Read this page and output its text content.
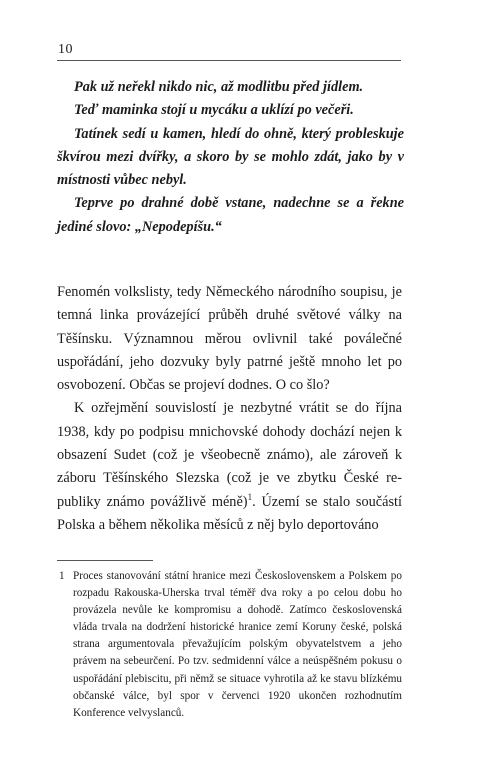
10

Pak už neřekl nikdo nic, až modlitbu před jídlem.

Teď maminka stojí u mycáku a uklízí po večeři.

Tatínek sedí u kamen, hledí do ohně, který probleskuje škvírou mezi dvířky, a skoro by se mohlo zdát, jako by v místnosti vůbec nebyl.

Teprve po drahné době vstane, nadechne se a řekne jediné slovo: „Nepodepíšu.“

Fenomén volkslisty, tedy Německého národního soupisu, je temná linka provázející průběh druhé světové války na Těšínsku. Významnou měrou ovlivnil také poválečné uspořádání, jeho dozvuky byly patrné ještě mnoho let po osvobození. Občas se projeví dodnes. O co šlo?

K ozřejmění souvislostí je nezbytné vrátit se do října 1938, kdy po podpisu mnichovské dohody dochází nejen k obsazení Sudet (což je všeobecně známo), ale zároveň k záboru Těšínského Slezska (což je ve zbytku České republiky známo povážlivě méně)$^1$. Území se stalo součástí Polska a během několika měsíců z něj bylo deportováno

1 Proces stanovování státní hranice mezi Československem a Polskem po rozpadu Rakouska-Uherska trval téměř dva roky a po celou dobu ho provázela nevůle ke kompromisu a dohodě. Zatímco československá vláda trvala na dodržení historické hranice zemí Koruny české, polská strana argumentovala převažujícím polským obyvatelstvem a jeho právem na sebeurčení. Po tzv. sedmidenní válce a neúspěšném pokusu o uspořádání plebiscitu, při němž se situace vyhrotila až ke stavu blízkému občanské válce, byl spor v červenci 1920 ukončen rozhodnutím Konference velvyslanců.
